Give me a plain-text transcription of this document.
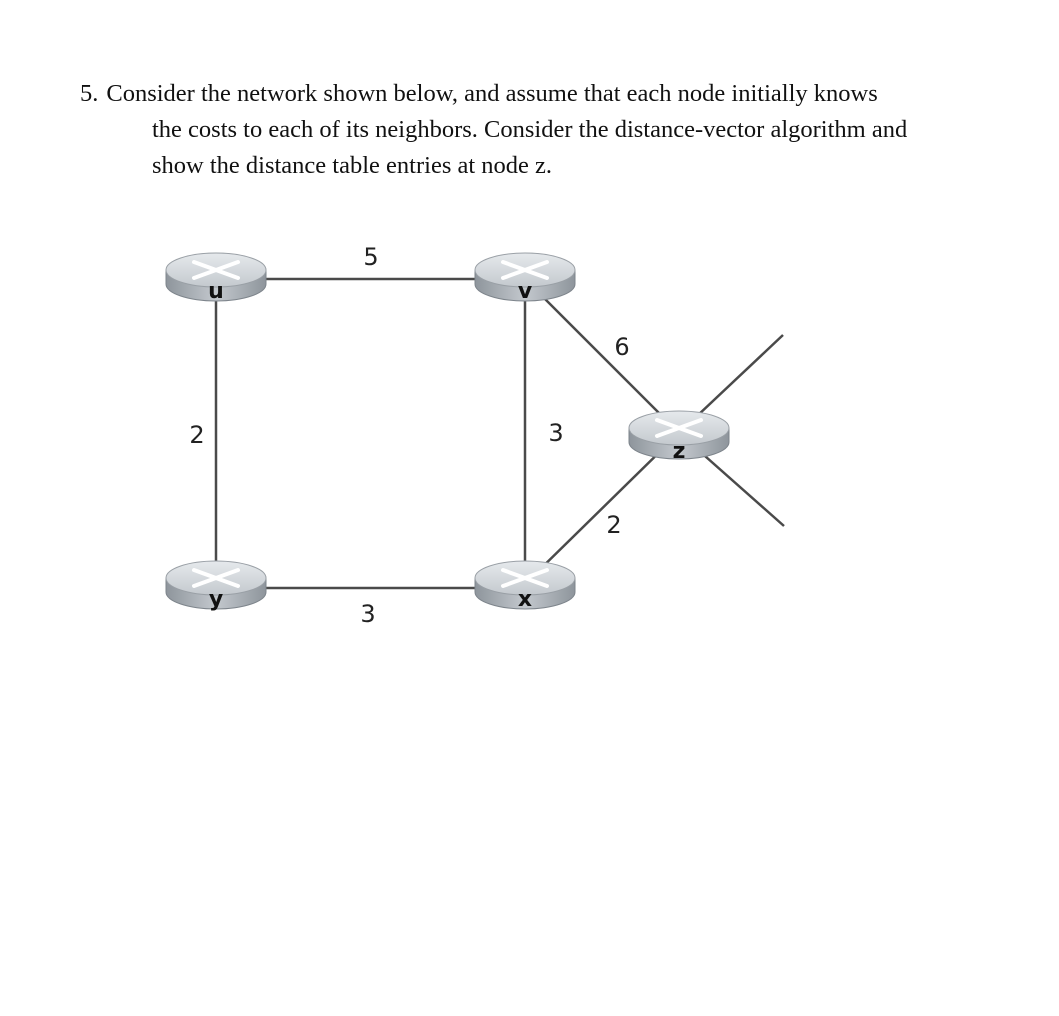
5. Consider the network shown below, and assume that each node initially knows
the costs to each of its neighbors. Consider the distance-vector algorithm and
show the distance table entries at node z.
5
2	3
3
6
2
u	v
y	x
z
